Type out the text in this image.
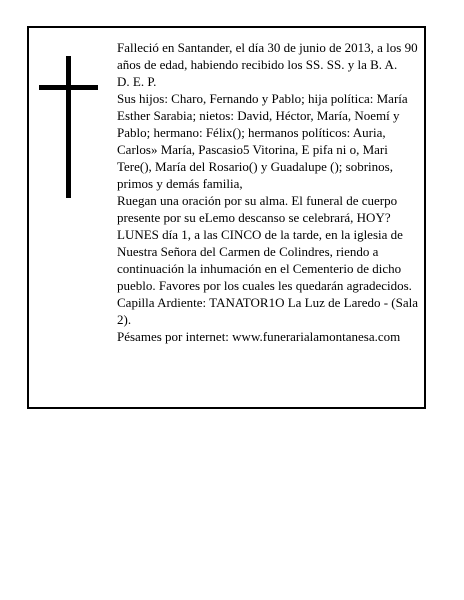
Falleció en Santander, el día 30 de junio de 2013, a los 90 años de edad, habiendo recibido los SS. SS. y la B. A.

D. E. P.

Sus hijos: Charo, Fernando y Pablo; hija política: María Esther Sarabia; nietos: David, Héctor, María, Noemí y Pablo; hermano: Félix(); hermanos políticos: Auria, Carlos» María, Pascasio5 Vitorina, E pifa ni o, Mari Tere(), María del Rosario() y Guadalupe (); sobrinos, primos y demás familia,

Ruegan una oración por su alma. El funeral de cuerpo presente por su eLemo descanso se celebrará, HOY? LUNES día 1, a las CINCO de la tarde, en la iglesia de Nuestra Señora del Carmen de Colindres, riendo a continuación la inhumación en el Cementerio de dicho pueblo. Favores por los cuales les quedarán agradecidos. Capilla Ardiente: TANATOR1O La Luz de Laredo - (Sala 2).

Pésames por internet: www.funerarialamontanesa.com
